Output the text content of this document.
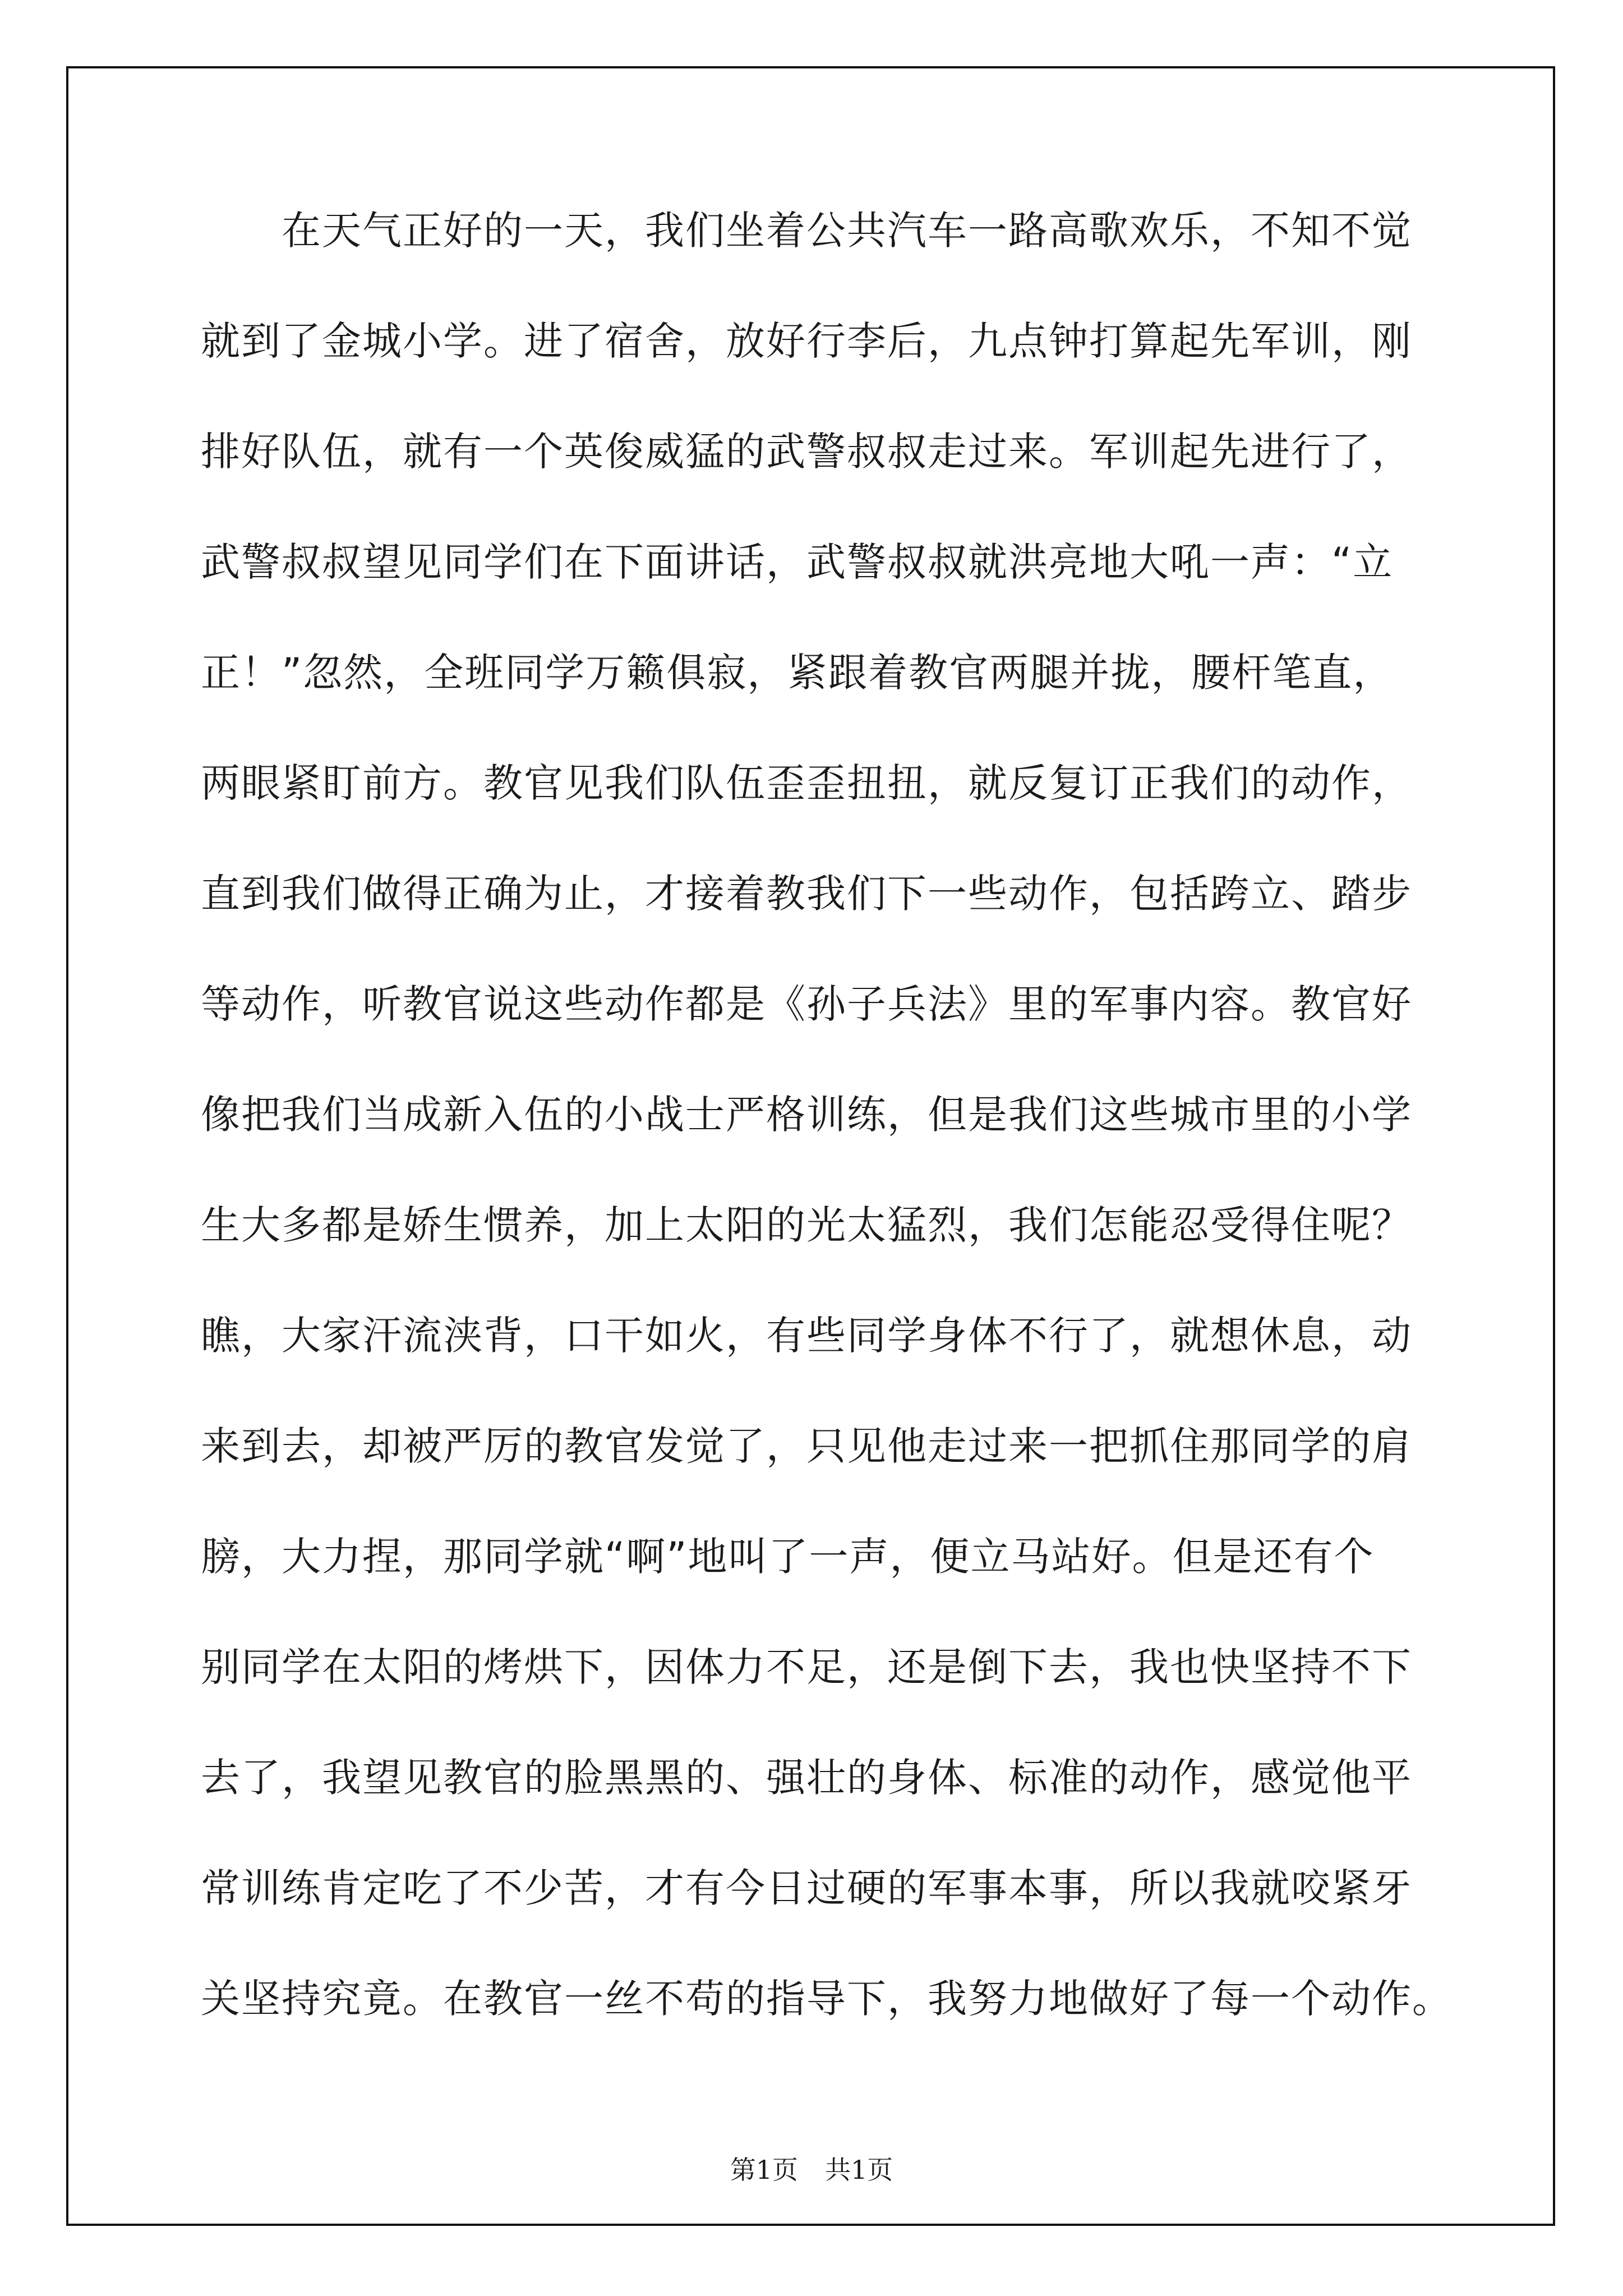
　　在天气正好的一天，我们坐着公共汽车一路高歌欢乐，不知不觉
就到了金城小学。进了宿舍，放好行李后，九点钟打算起先军训，刚
排好队伍，就有一个英俊威猛的武警叔叔走过来。军训起先进行了，
武警叔叔望见同学们在下面讲话，武警叔叔就洪亮地大吼一声：“立
正！”忽然，全班同学万籁俱寂，紧跟着教官两腿并拢，腰杆笔直，
两眼紧盯前方。教官见我们队伍歪歪扭扭，就反复订正我们的动作，
直到我们做得正确为止，才接着教我们下一些动作，包括跨立、踏步
等动作，听教官说这些动作都是《孙子兵法》里的军事内容。教官好
像把我们当成新入伍的小战士严格训练，但是我们这些城市里的小学
生大多都是娇生惯养，加上太阳的光太猛烈，我们怎能忍受得住呢？
瞧，大家汗流浃背，口干如火，有些同学身体不行了，就想休息，动
来到去，却被严厉的教官发觉了，只见他走过来一把抓住那同学的肩
膀，大力捏，那同学就“啊”地叫了一声，便立马站好。但是还有个
别同学在太阳的烤烘下，因体力不足，还是倒下去，我也快坚持不下
去了，我望见教官的脸黑黑的、强壮的身体、标准的动作，感觉他平
常训练肯定吃了不少苦，才有今日过硬的军事本事，所以我就咬紧牙
关坚持究竟。在教官一丝不苟的指导下，我努力地做好了每一个动作。
第1页 共1页
